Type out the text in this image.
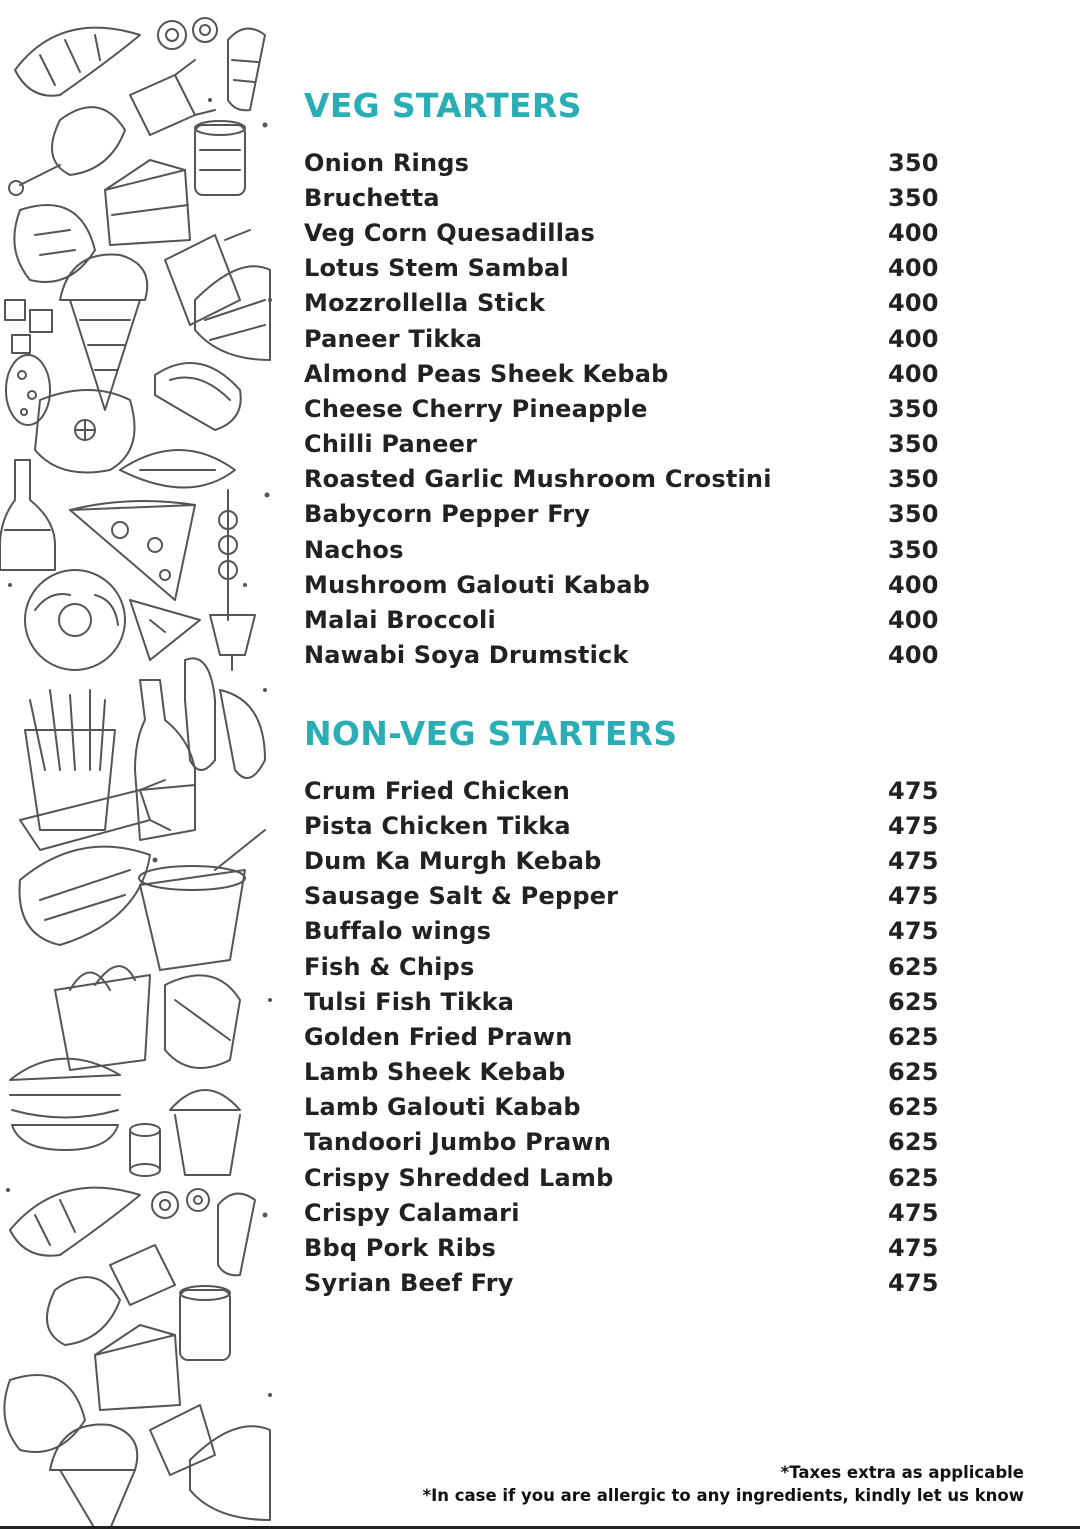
VEG STARTERS
Onion Rings	350
Bruchetta	350
Veg Corn Quesadillas	400
Lotus Stem Sambal	400
Mozzrollella Stick	400
Paneer Tikka	400
Almond Peas Sheek Kebab	400
Cheese Cherry Pineapple	350
Chilli Paneer	350
Roasted Garlic Mushroom Crostini	350
Babycorn Pepper Fry	350
Nachos	350
Mushroom Galouti Kabab	400
Malai Broccoli	400
Nawabi Soya Drumstick	400
NON-VEG STARTERS
Crum Fried Chicken	475
Pista Chicken Tikka	475
Dum Ka Murgh Kebab	475
Sausage Salt & Pepper	475
Buffalo wings	475
Fish & Chips	625
Tulsi Fish Tikka	625
Golden Fried Prawn	625
Lamb Sheek Kebab	625
Lamb Galouti Kabab	625
Tandoori Jumbo Prawn	625
Crispy Shredded Lamb	625
Crispy Calamari	475
Bbq Pork Ribs	475
Syrian Beef Fry	475
*Taxes extra as applicable
*In case if you are allergic to any ingredients, kindly let us know
